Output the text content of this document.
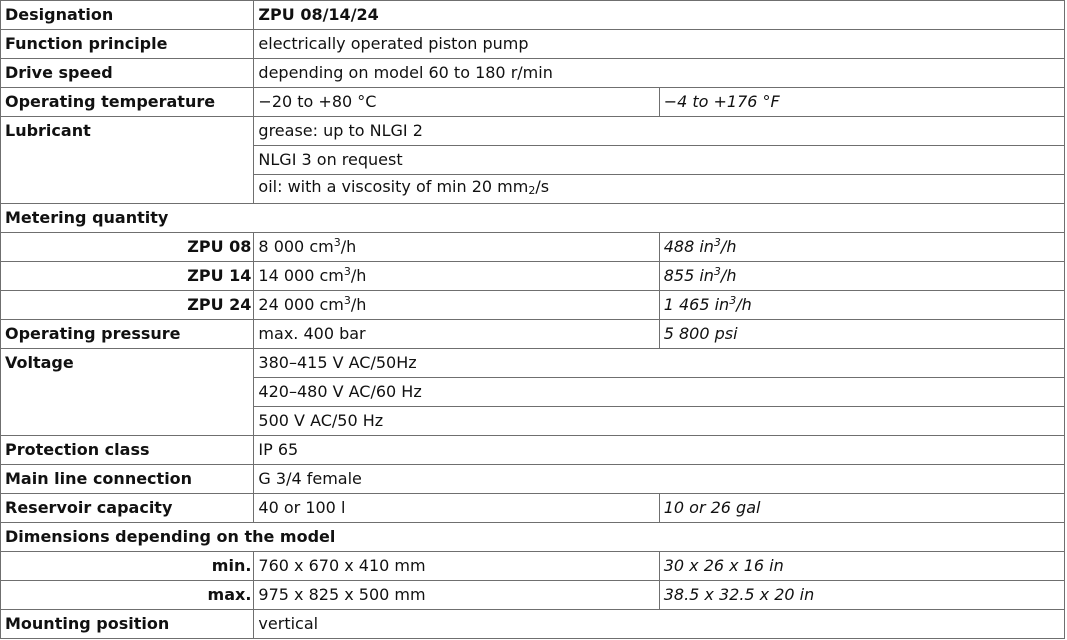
Designation	ZPU 08/14/24	
Function principle	electrically operated piston pump	
Drive speed	depending on model 60 to 180 r/min	
Operating temperature	−20 to +80 °C	−4 to +176 °F
Lubricant	grease: up to NLGI 2	
	NLGI 3 on request	
	oil: with a viscosity of min 20 mm2/s	
Metering quantity		
ZPU 08	8 000 $cm^3/h$	488 $in^3/h$
ZPU 14	14 000 $cm^3/h$	855 $in^3/h$
ZPU 24	24 000 $cm^3/h$	1 465 $in^3/h$
Operating pressure	max. 400 bar	5 800 psi
Voltage	380–415 V AC/50Hz	
	420–480 V AC/60 Hz	
	500 V AC/50 Hz	
Protection class	IP 65	
Main line connection	G 3/4 female	
Reservoir capacity	40 or 100 l	10 or 26 gal
Dimensions depending on the model		
min.	760 x 670 x 410 mm	30 x 26 x 16 in
max.	975 x 825 x 500 mm	38.5 x 32.5 x 20 in
Mounting position	vertical	
